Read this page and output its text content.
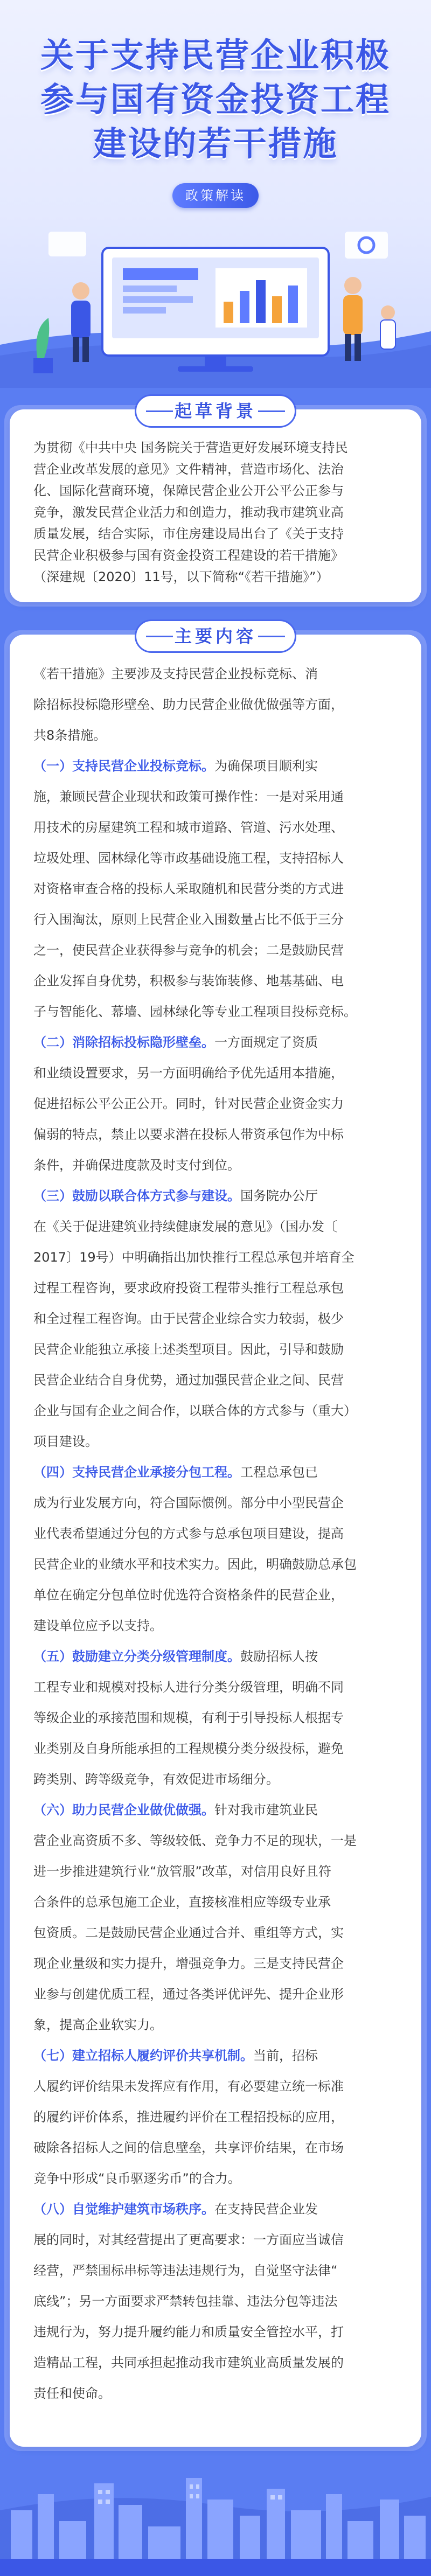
关于支持民营企业积极
参与国有资金投资工程
建设的若干措施
政策解读
起草背景
为贯彻《中共中央 国务院关于营造更好发展环境支持民
营企业改革发展的意见》文件精神，营造市场化、法治
化、国际化营商环境，保障民营企业公开公平公正参与
竞争，激发民营企业活力和创造力，推动我市建筑业高
质量发展，结合实际，市住房建设局出台了《关于支持
民营企业积极参与国有资金投资工程建设的若干措施》
（深建规〔2020〕11号，以下简称“《若干措施》”）
主要内容
《若干措施》主要涉及支持民营企业投标竞标、消
除招标投标隐形壁垒、助力民营企业做优做强等方面，
共8条措施。
（一）支持民营企业投标竞标。为确保项目顺利实
施，兼顾民营企业现状和政策可操作性：一是对采用通
用技术的房屋建筑工程和城市道路、管道、污水处理、
垃圾处理、园林绿化等市政基础设施工程，支持招标人
对资格审查合格的投标人采取随机和民营分类的方式进
行入围淘汰，原则上民营企业入围数量占比不低于三分
之一，使民营企业获得参与竞争的机会；二是鼓励民营
企业发挥自身优势，积极参与装饰装修、地基基础、电
子与智能化、幕墙、园林绿化等专业工程项目投标竞标。
（二）消除招标投标隐形壁垒。一方面规定了资质
和业绩设置要求，另一方面明确给予优先适用本措施，
促进招标公平公正公开。同时，针对民营企业资金实力
偏弱的特点，禁止以要求潜在投标人带资承包作为中标
条件，并确保进度款及时支付到位。
（三）鼓励以联合体方式参与建设。国务院办公厅
在《关于促进建筑业持续健康发展的意见》（国办发〔
2017〕19号）中明确指出加快推行工程总承包并培育全
过程工程咨询，要求政府投资工程带头推行工程总承包
和全过程工程咨询。由于民营企业综合实力较弱，极少
民营企业能独立承接上述类型项目。因此，引导和鼓励
民营企业结合自身优势，通过加强民营企业之间、民营
企业与国有企业之间合作，以联合体的方式参与（重大）
项目建设。
（四）支持民营企业承接分包工程。工程总承包已
成为行业发展方向，符合国际惯例。部分中小型民营企
业代表希望通过分包的方式参与总承包项目建设，提高
民营企业的业绩水平和技术实力。因此，明确鼓励总承包
单位在确定分包单位时优选符合资格条件的民营企业，
建设单位应予以支持。
（五）鼓励建立分类分级管理制度。鼓励招标人按
工程专业和规模对投标人进行分类分级管理，明确不同
等级企业的承接范围和规模，有利于引导投标人根据专
业类别及自身所能承担的工程规模分类分级投标，避免
跨类别、跨等级竞争，有效促进市场细分。
（六）助力民营企业做优做强。针对我市建筑业民
营企业高资质不多、等级较低、竞争力不足的现状，一是
进一步推进建筑行业“放管服”改革，对信用良好且符
合条件的总承包施工企业，直接核准相应等级专业承
包资质。二是鼓励民营企业通过合并、重组等方式，实
现企业量级和实力提升，增强竞争力。三是支持民营企
业参与创建优质工程，通过各类评优评先、提升企业形
象，提高企业软实力。
（七）建立招标人履约评价共享机制。当前，招标
人履约评价结果未发挥应有作用，有必要建立统一标准
的履约评价体系，推进履约评价在工程招投标的应用，
破除各招标人之间的信息壁垒，共享评价结果，在市场
竞争中形成“良币驱逐劣币”的合力。
（八）自觉维护建筑市场秩序。在支持民营企业发
展的同时，对其经营提出了更高要求：一方面应当诚信
经营，严禁围标串标等违法违规行为，自觉坚守法律“
底线”；另一方面要求严禁转包挂靠、违法分包等违法
违规行为，努力提升履约能力和质量安全管控水平，打
造精品工程，共同承担起推动我市建筑业高质量发展的
责任和使命。
